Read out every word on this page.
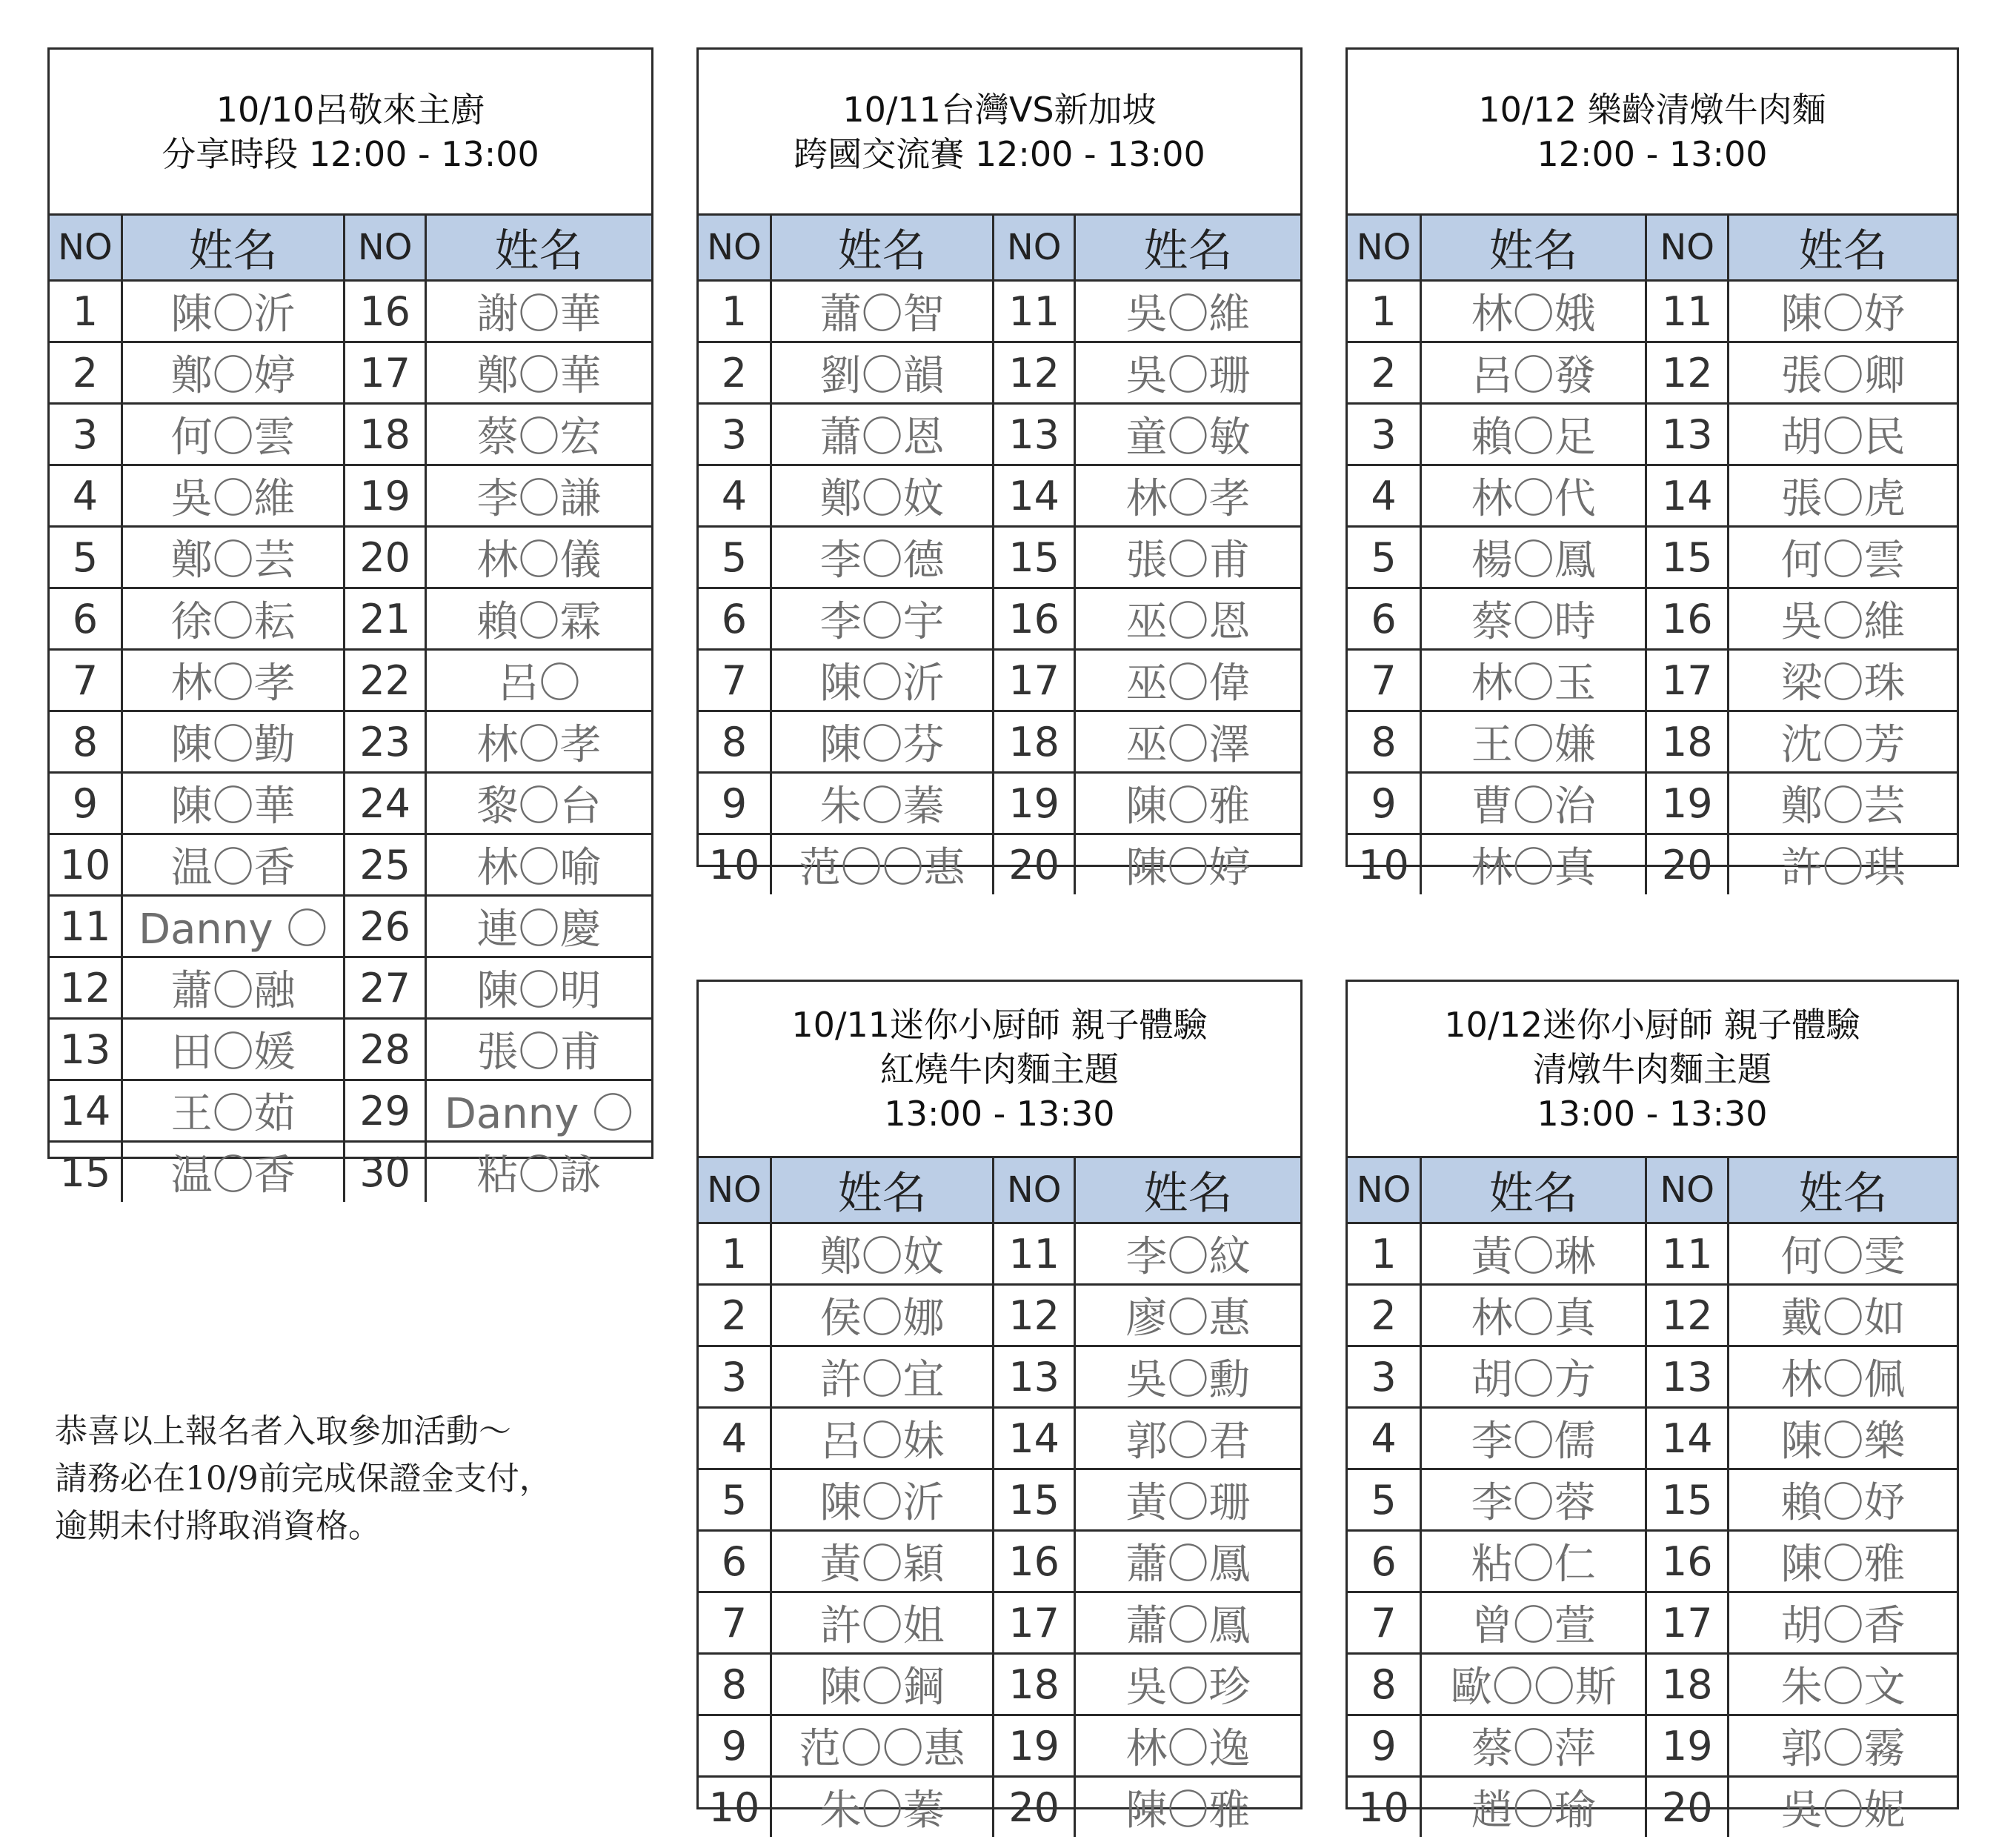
10/10呂敬來主廚
分享時段 12:00 - 13:00
NO	姓名	NO	姓名
1	陳〇沂	16	謝〇華
2	鄭〇婷	17	鄭〇華
3	何〇雲	18	蔡〇宏
4	吳〇維	19	李〇謙
5	鄭〇芸	20	林〇儀
6	徐〇耘	21	賴〇霖
7	林〇孝	22	呂〇
8	陳〇勤	23	林〇孝
9	陳〇華	24	黎〇台
10	温〇香	25	林〇喻
11	Danny 〇	26	連〇慶
12	蕭〇融	27	陳〇明
13	田〇媛	28	張〇甫
14	王〇茹	29	Danny 〇
15	温〇香	30	粘〇詠
10/11台灣VS新加坡
跨國交流賽 12:00 - 13:00
NO	姓名	NO	姓名
1	蕭〇智	11	吳〇維
2	劉〇韻	12	吳〇珊
3	蕭〇恩	13	童〇敏
4	鄭〇妏	14	林〇孝
5	李〇德	15	張〇甫
6	李〇宇	16	巫〇恩
7	陳〇沂	17	巫〇偉
8	陳〇芬	18	巫〇澤
9	朱〇蓁	19	陳〇雅
10	范〇〇惠	20	陳〇婷
10/12 樂齡清燉牛肉麵
12:00 - 13:00
NO	姓名	NO	姓名
1	林〇娥	11	陳〇妤
2	呂〇發	12	張〇卿
3	賴〇足	13	胡〇民
4	林〇代	14	張〇虎
5	楊〇鳳	15	何〇雲
6	蔡〇時	16	吳〇維
7	林〇玉	17	梁〇珠
8	王〇嫌	18	沈〇芳
9	曹〇治	19	鄭〇芸
10	林〇真	20	許〇琪
10/11迷你小厨師 親子體驗
紅燒牛肉麵主題
13:00 - 13:30
NO	姓名	NO	姓名
1	鄭〇妏	11	李〇紋
2	侯〇娜	12	廖〇惠
3	許〇宜	13	吳〇勳
4	呂〇妹	14	郭〇君
5	陳〇沂	15	黃〇珊
6	黃〇穎	16	蕭〇鳳
7	許〇姐	17	蕭〇鳳
8	陳〇鋼	18	吳〇珍
9	范〇〇惠	19	林〇逸
10	朱〇蓁	20	陳〇雅
10/12迷你小厨師 親子體驗
清燉牛肉麵主題
13:00 - 13:30
NO	姓名	NO	姓名
1	黃〇琳	11	何〇雯
2	林〇真	12	戴〇如
3	胡〇方	13	林〇佩
4	李〇儒	14	陳〇樂
5	李〇蓉	15	賴〇妤
6	粘〇仁	16	陳〇雅
7	曾〇萱	17	胡〇香
8	歐〇〇斯	18	朱〇文
9	蔡〇萍	19	郭〇霧
10	趙〇瑜	20	吳〇妮
恭喜以上報名者入取參加活動～
請務必在10/9前完成保證金支付，
逾期未付將取消資格。
